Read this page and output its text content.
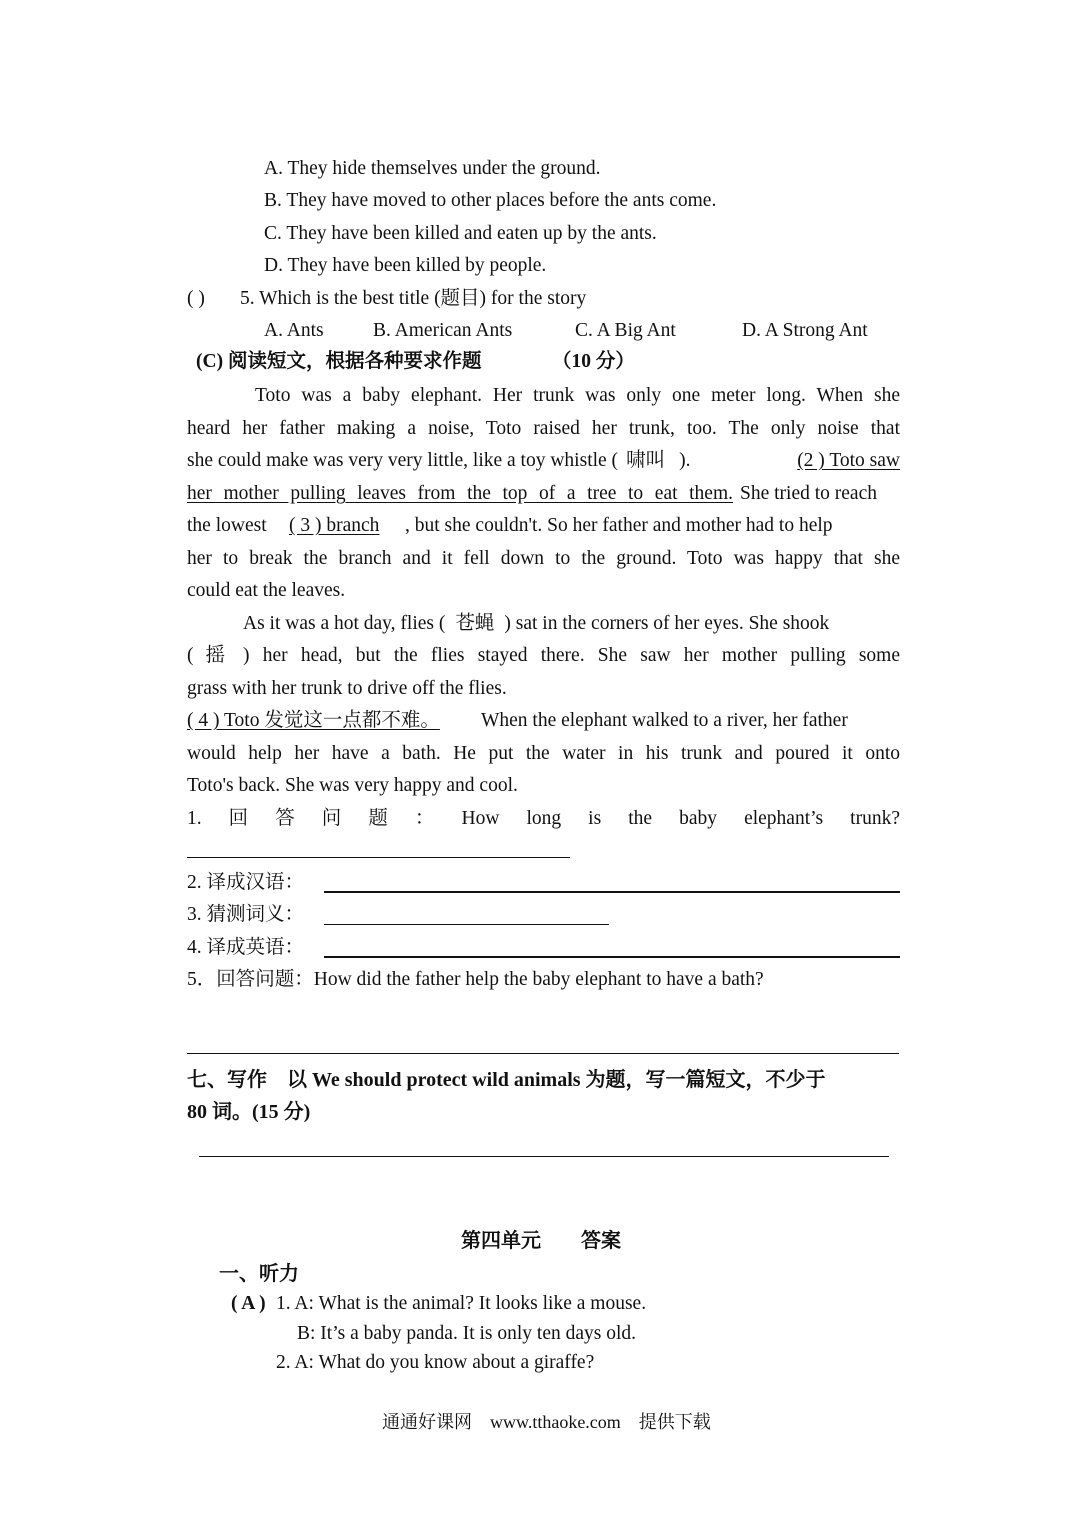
A. They hide themselves under the ground.
B. They have moved to other places before the ants come.
C. They have been killed and eaten up by the ants.
D. They have been killed by people.
( ) 5. Which is the best title (题目) for the story
A. Ants	B. American Ants	C. A Big Ant	D. A Strong Ant
(C) 阅读短文，根据各种要求作题	（10 分）
Toto was a baby elephant. Her trunk was only one meter long. When she
heard her father making a noise, Toto raised her trunk, too. The only noise that
she could make was very very little, like a toy whistle ( 啸叫 ).	(2 ) Toto saw
her mother pulling leaves from the top of a tree to eat them. She tried to reach
the lowest ( 3 ) branch , but she couldn't. So her father and mother had to help
her to break the branch and it fell down to the ground. Toto was happy that she
could eat the leaves.
As it was a hot day, flies ( 苍蝇 ) sat in the corners of her eyes. She shook
( 摇 ) her head, but the flies stayed there. She saw her mother pulling some
grass with her trunk to drive off the flies.
( 4 ) Toto 发觉这一点都不难。 When the elephant walked to a river, her father
would help her have a bath. He put the water in his trunk and poured it onto
Toto's back. She was very happy and cool.
1. 回 答 问 题 ： How long is the baby elephant’s trunk?
2. 译成汉语：
3. 猜测词义：
4. 译成英语：
5．回答问题：How did the father help the baby elephant to have a bath?
七、写作　以 We should protect wild animals 为题，写一篇短文，不少于
80 词。(15 分)
第四单元　　答案
一、听力
( A ) 1. A: What is the animal? It looks like a mouse.
B: It’s a baby panda. It is only ten days old.
2. A: What do you know about a giraffe?
通通好课网　www.tthaoke.com　提供下载
